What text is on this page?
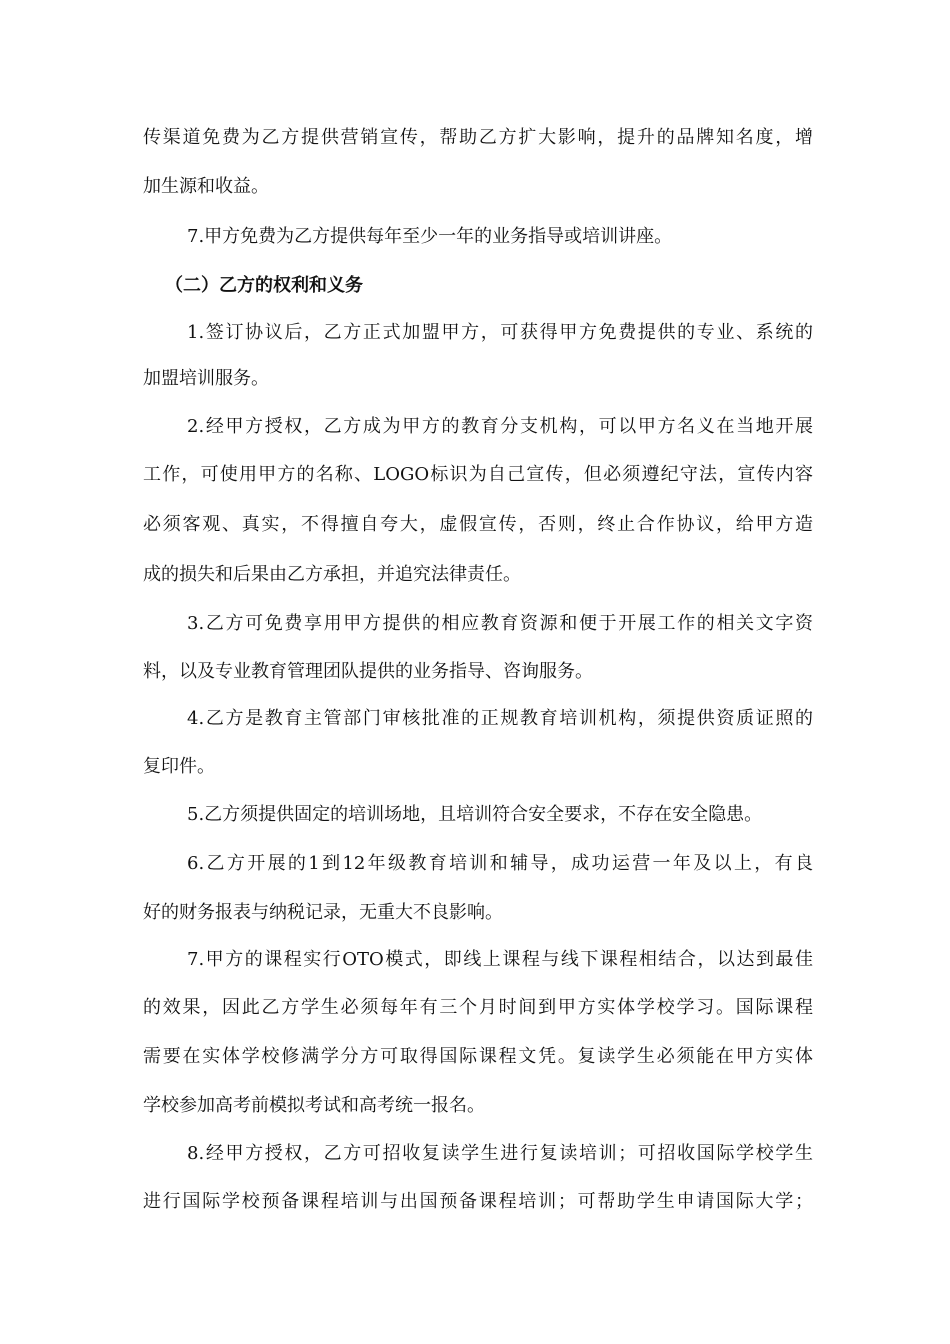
传渠道免费为乙方提供营销宣传，帮助乙方扩大影响，提升的品牌知名度，增
加生源和收益。
7.甲方免费为乙方提供每年至少一年的业务指导或培训讲座。
（二）乙方的权利和义务
1.签订协议后，乙方正式加盟甲方，可获得甲方免费提供的专业、系统的
加盟培训服务。
2.经甲方授权，乙方成为甲方的教育分支机构，可以甲方名义在当地开展
工作，可使用甲方的名称、LOGO标识为自己宣传，但必须遵纪守法，宣传内容
必须客观、真实，不得擅自夸大，虚假宣传，否则，终止合作协议，给甲方造
成的损失和后果由乙方承担，并追究法律责任。
3.乙方可免费享用甲方提供的相应教育资源和便于开展工作的相关文字资
料，以及专业教育管理团队提供的业务指导、咨询服务。
4.乙方是教育主管部门审核批准的正规教育培训机构，须提供资质证照的
复印件。
5.乙方须提供固定的培训场地，且培训符合安全要求，不存在安全隐患。
6.乙方开展的1到12年级教育培训和辅导，成功运营一年及以上，有良
好的财务报表与纳税记录，无重大不良影响。
7.甲方的课程实行OTO模式，即线上课程与线下课程相结合，以达到最佳
的效果，因此乙方学生必须每年有三个月时间到甲方实体学校学习。国际课程
需要在实体学校修满学分方可取得国际课程文凭。复读学生必须能在甲方实体
学校参加高考前模拟考试和高考统一报名。
8.经甲方授权，乙方可招收复读学生进行复读培训；可招收国际学校学生
进行国际学校预备课程培训与出国预备课程培训；可帮助学生申请国际大学；
